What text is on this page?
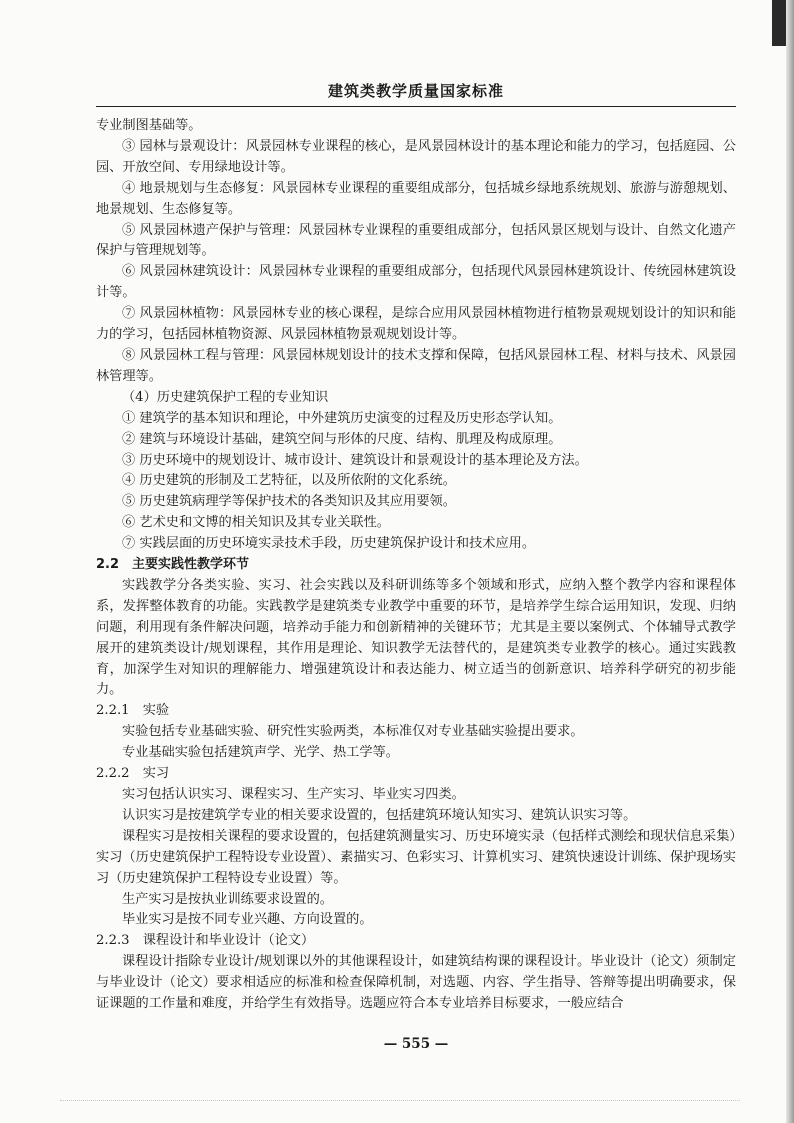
建筑类教学质量国家标准

专业制图基础等。

③ 园林与景观设计：风景园林专业课程的核心，是风景园林设计的基本理论和能力的学习，包括庭园、公园、开放空间、专用绿地设计等。

④ 地景规划与生态修复：风景园林专业课程的重要组成部分，包括城乡绿地系统规划、旅游与游憩规划、地景规划、生态修复等。

⑤ 风景园林遗产保护与管理：风景园林专业课程的重要组成部分，包括风景区规划与设计、自然文化遗产保护与管理规划等。

⑥ 风景园林建筑设计：风景园林专业课程的重要组成部分，包括现代风景园林建筑设计、传统园林建筑设计等。

⑦ 风景园林植物：风景园林专业的核心课程，是综合应用风景园林植物进行植物景观规划设计的知识和能力的学习，包括园林植物资源、风景园林植物景观规划设计等。

⑧ 风景园林工程与管理：风景园林规划设计的技术支撑和保障，包括风景园林工程、材料与技术、风景园林管理等。

（4）历史建筑保护工程的专业知识

① 建筑学的基本知识和理论，中外建筑历史演变的过程及历史形态学认知。

② 建筑与环境设计基础，建筑空间与形体的尺度、结构、肌理及构成原理。

③ 历史环境中的规划设计、城市设计、建筑设计和景观设计的基本理论及方法。

④ 历史建筑的形制及工艺特征，以及所依附的文化系统。

⑤ 历史建筑病理学等保护技术的各类知识及其应用要领。

⑥ 艺术史和文博的相关知识及其专业关联性。

⑦ 实践层面的历史环境实录技术手段，历史建筑保护设计和技术应用。

2.2　主要实践性教学环节

实践教学分各类实验、实习、社会实践以及科研训练等多个领域和形式，应纳入整个教学内容和课程体系，发挥整体教育的功能。实践教学是建筑类专业教学中重要的环节，是培养学生综合运用知识，发现、归纳问题，利用现有条件解决问题，培养动手能力和创新精神的关键环节；尤其是主要以案例式、个体辅导式教学展开的建筑类设计/规划课程，其作用是理论、知识教学无法替代的，是建筑类专业教学的核心。通过实践教育，加深学生对知识的理解能力、增强建筑设计和表达能力、树立适当的创新意识、培养科学研究的初步能力。

2.2.1　实验

实验包括专业基础实验、研究性实验两类，本标准仅对专业基础实验提出要求。

专业基础实验包括建筑声学、光学、热工学等。

2.2.2　实习

实习包括认识实习、课程实习、生产实习、毕业实习四类。

认识实习是按建筑学专业的相关要求设置的，包括建筑环境认知实习、建筑认识实习等。

课程实习是按相关课程的要求设置的，包括建筑测量实习、历史环境实录（包括样式测绘和现状信息采集）实习（历史建筑保护工程特设专业设置）、素描实习、色彩实习、计算机实习、建筑快速设计训练、保护现场实习（历史建筑保护工程特设专业设置）等。

生产实习是按执业训练要求设置的。

毕业实习是按不同专业兴趣、方向设置的。

2.2.3　课程设计和毕业设计（论文）

课程设计指除专业设计/规划课以外的其他课程设计，如建筑结构课的课程设计。毕业设计（论文）须制定与毕业设计（论文）要求相适应的标准和检查保障机制，对选题、内容、学生指导、答辩等提出明确要求，保证课题的工作量和难度，并给学生有效指导。选题应符合本专业培养目标要求，一般应结合

— 555 —
